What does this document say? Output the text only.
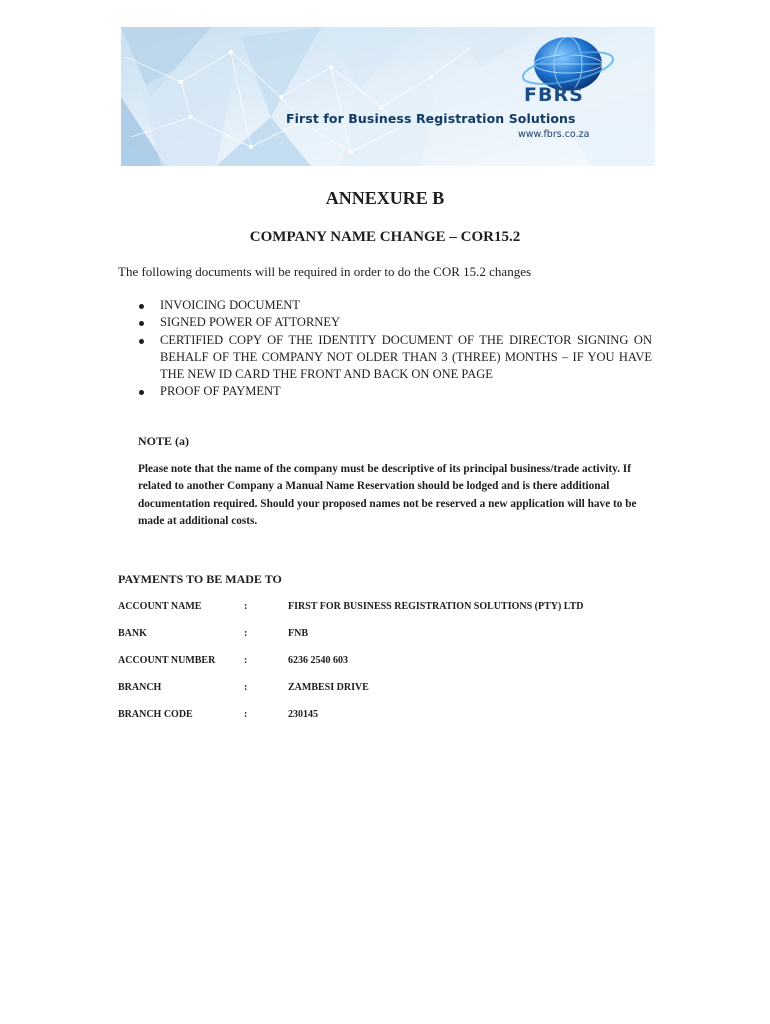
FBRS
First for Business Registration Solutions
www.fbrs.co.za
ANNEXURE B
COMPANY NAME CHANGE – COR15.2

The following documents will be required in order to do the COR 15.2 changes

INVOICING DOCUMENT
SIGNED POWER OF ATTORNEY
CERTIFIED COPY OF THE IDENTITY DOCUMENT OF THE DIRECTOR SIGNING ON BEHALF OF THE COMPANY NOT OLDER THAN 3 (THREE) MONTHS – IF YOU HAVE THE NEW ID CARD THE FRONT AND BACK ON ONE PAGE
PROOF OF PAYMENT

NOTE (a)

Please note that the name of the company must be descriptive of its principal business/trade activity. If related to another Company a Manual Name Reservation should be lodged and is there additional documentation required. Should your proposed names not be reserved a new application will have to be made at additional costs.

PAYMENTS TO BE MADE TO

ACCOUNT NAME	:	FIRST FOR BUSINESS REGISTRATION SOLUTIONS (PTY) LTD
BANK	:	FNB
ACCOUNT NUMBER	:	6236 2540 603
BRANCH	:	ZAMBESI DRIVE
BRANCH CODE	:	230145
